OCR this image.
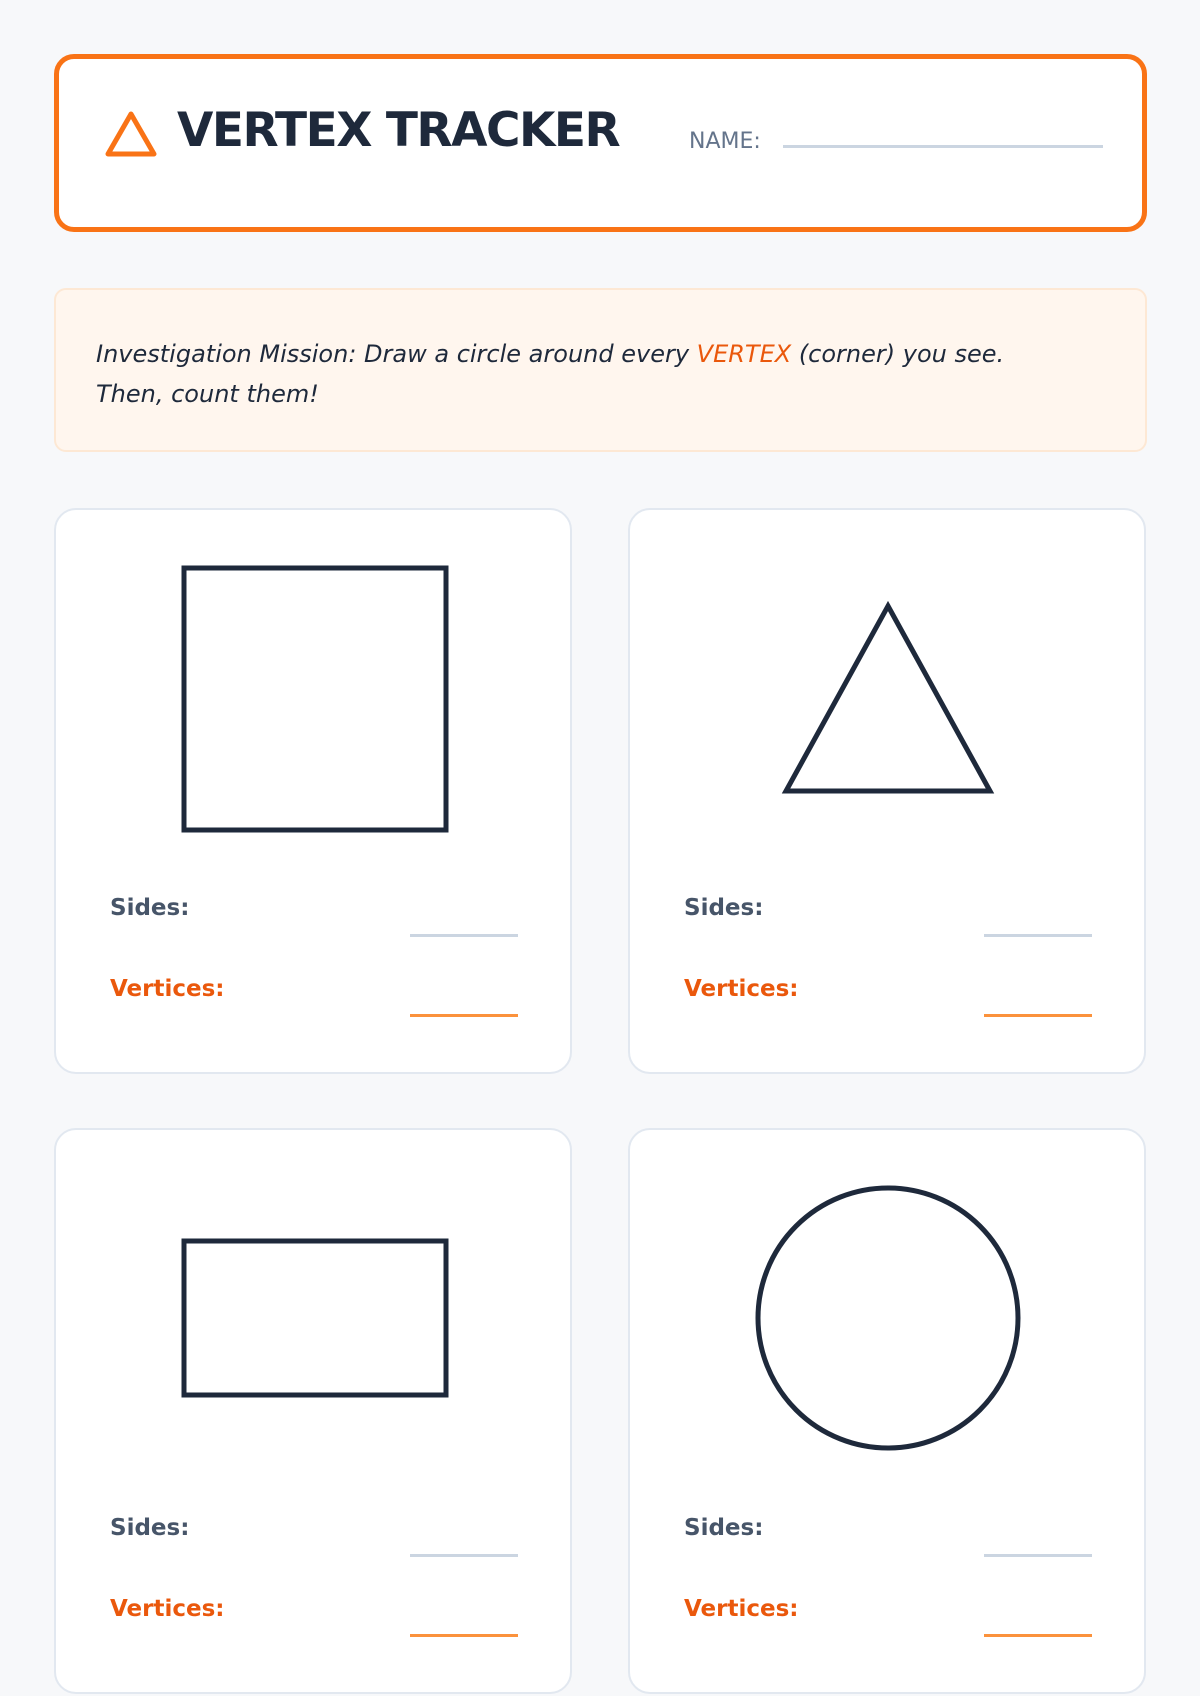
VERTEX TRACKER	NAME:

Investigation Mission: Draw a circle around every VERTEX (corner) you see.
Then, count them!

Sides:
Vertices:
Sides:
Vertices:
Sides:
Vertices:
Sides:
Vertices:
